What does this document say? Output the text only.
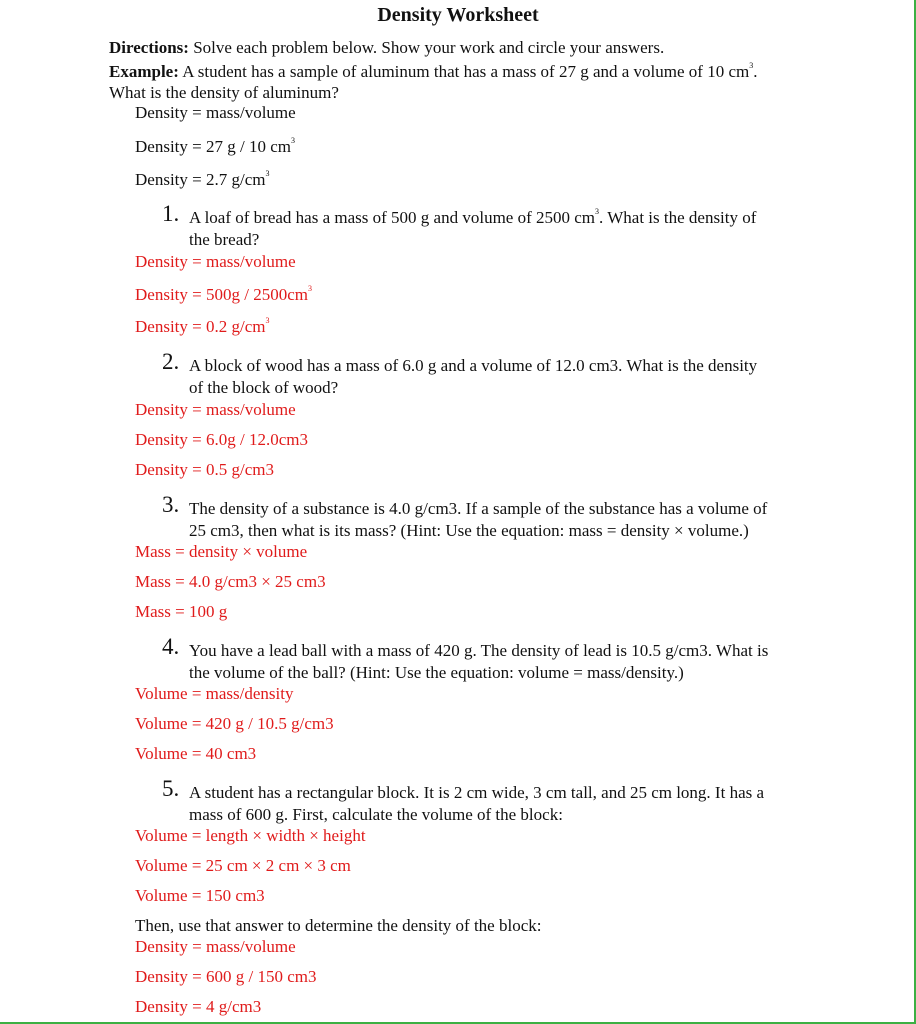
Density Worksheet
Directions: Solve each problem below. Show your work and circle your answers.
Example: A student has a sample of aluminum that has a mass of 27 g and a volume of 10 $cm^3$.
What is the density of aluminum?
Density = mass/volume
Density = 27 g / 10 $cm^3$
Density = 2.7 $g/cm^3$
1. A loaf of bread has a mass of 500 g and volume of 2500 $cm^3$. What is the density of
the bread?
Density = mass/volume
Density = $500g / 2500cm^3$
Density = 0.2 $g/cm^3$
2. A block of wood has a mass of 6.0 g and a volume of 12.0 cm3. What is the density
of the block of wood?
Density = mass/volume
Density = 6.0g / 12.0cm3
Density = 0.5 g/cm3
3. The density of a substance is 4.0 g/cm3. If a sample of the substance has a volume of
25 cm3, then what is its mass? (Hint: Use the equation: mass = density × volume.)
Mass = density × volume
Mass = 4.0 g/cm3 × 25 cm3
Mass = 100 g
4. You have a lead ball with a mass of 420 g. The density of lead is 10.5 g/cm3. What is
the volume of the ball? (Hint: Use the equation: volume = mass/density.)
Volume = mass/density
Volume = 420 g / 10.5 g/cm3
Volume = 40 cm3
5. A student has a rectangular block. It is 2 cm wide, 3 cm tall, and 25 cm long. It has a
mass of 600 g. First, calculate the volume of the block:
Volume = length × width × height
Volume = 25 cm × 2 cm × 3 cm
Volume = 150 cm3
Then, use that answer to determine the density of the block:
Density = mass/volume
Density = 600 g / 150 cm3
Density = 4 g/cm3
